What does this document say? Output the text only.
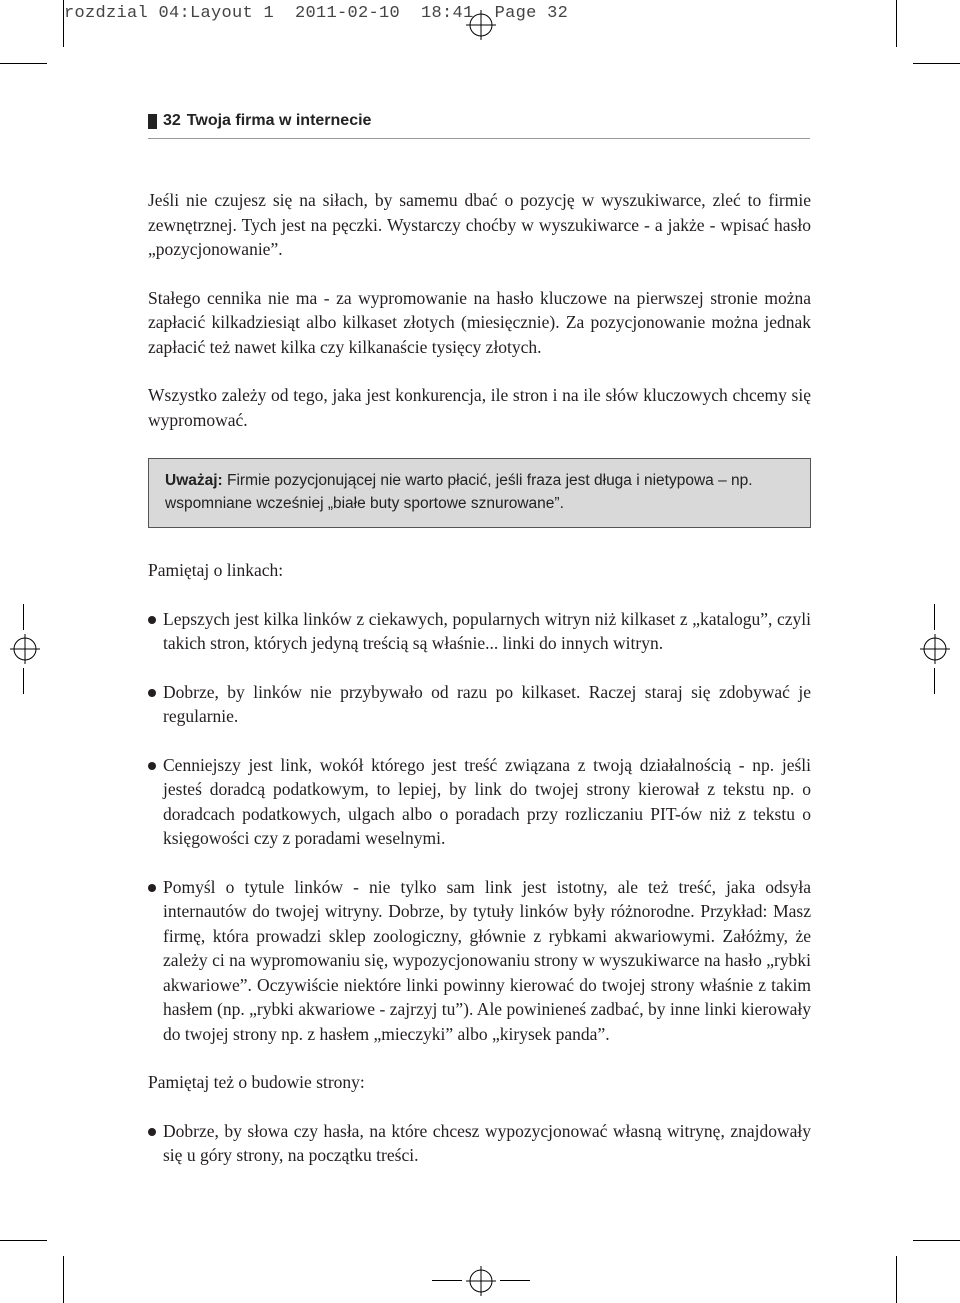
rozdzial 04:Layout 1  2011-02-10  18:41  Page 32
32 Twoja firma w internecie

Jeśli nie czujesz się na siłach, by samemu dbać o pozycję w wyszukiwarce, zleć to firmie zewnętrznej. Tych jest na pęczki. Wystarczy choćby w wyszukiwarce - a jakże - wpisać hasło „pozycjonowanie”.

Stałego cennika nie ma - za wypromowanie na hasło kluczowe na pierwszej stronie można zapłacić kilkadziesiąt albo kilkaset złotych (miesięcznie). Za pozycjonowanie można jednak zapłacić też nawet kilka czy kilkanaście tysięcy złotych.

Wszystko zależy od tego, jaka jest konkurencja, ile stron i na ile słów kluczowych chcemy się wypromować.

Uważaj: Firmie pozycjonującej nie warto płacić, jeśli fraza jest długa i nietypowa – np. wspomniane wcześniej „białe buty sportowe sznurowane”.

Pamiętaj o linkach:

Lepszych jest kilka linków z ciekawych, popularnych witryn niż kilkaset z „katalogu”, czyli takich stron, których jedyną treścią są właśnie... linki do innych witryn.

Dobrze, by linków nie przybywało od razu po kilkaset. Raczej staraj się zdobywać je regularnie.

Cenniejszy jest link, wokół którego jest treść związana z twoją działalnością - np. jeśli jesteś doradcą podatkowym, to lepiej, by link do twojej strony kierował z tekstu np. o doradcach podatkowych, ulgach albo o poradach przy rozliczaniu PIT-ów niż z tekstu o księgowości czy z poradami weselnymi.

Pomyśl o tytule linków - nie tylko sam link jest istotny, ale też treść, jaka odsyła internautów do twojej witryny. Dobrze, by tytuły linków były różnorodne. Przykład: Masz firmę, która prowadzi sklep zoologiczny, głównie z rybkami akwariowymi. Załóżmy, że zależy ci na wypromowaniu się, wypozycjonowaniu strony w wyszukiwarce na hasło „rybki akwariowe”. Oczywiście niektóre linki powinny kierować do twojej strony właśnie z takim hasłem (np. „rybki akwariowe - zajrzyj tu”). Ale powinieneś zadbać, by inne linki kierowały do twojej strony np. z hasłem „mieczyki” albo „kirysek panda”.

Pamiętaj też o budowie strony:

Dobrze, by słowa czy hasła, na które chcesz wypozycjonować własną witrynę, znajdowały się u góry strony, na początku treści.
